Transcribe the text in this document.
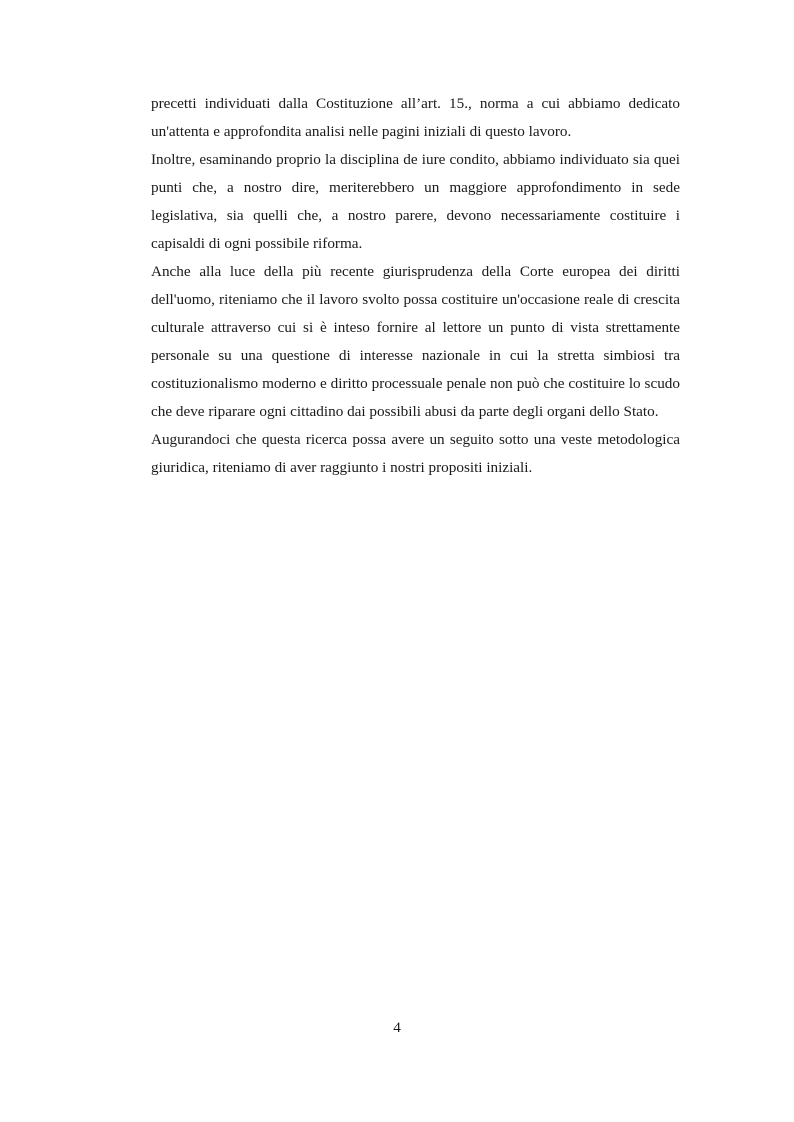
precetti individuati dalla Costituzione all’art. 15., norma a cui abbiamo dedicato un'attenta e approfondita analisi nelle pagini iniziali di questo lavoro.

Inoltre, esaminando proprio la disciplina de iure condito, abbiamo individuato sia quei punti che, a nostro dire, meriterebbero un maggiore approfondimento in sede legislativa, sia quelli che, a nostro parere, devono necessariamente costituire i capisaldi di ogni possibile riforma.

Anche alla luce della più recente giurisprudenza della Corte europea dei diritti dell'uomo, riteniamo che il lavoro svolto possa costituire un'occasione reale di crescita culturale attraverso cui si è inteso fornire al lettore un punto di vista strettamente personale su una questione di interesse nazionale in cui la stretta simbiosi tra costituzionalismo moderno e diritto processuale penale non può che costituire lo scudo che deve riparare ogni cittadino dai possibili abusi da parte degli organi dello Stato.

Augurandoci che questa ricerca possa avere un seguito sotto una veste metodologica giuridica, riteniamo di aver raggiunto i nostri propositi iniziali.

4
